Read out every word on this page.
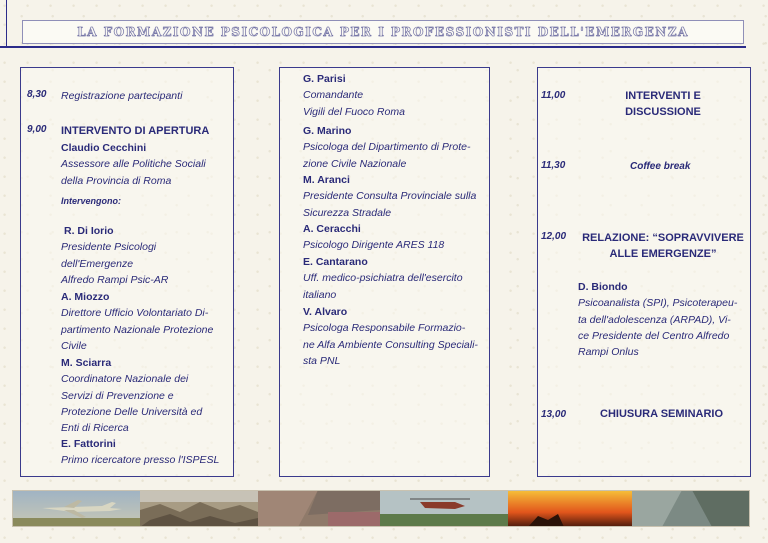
LA FORMAZIONE PSICOLOGICA PER I PROFESSIONISTI DELL'EMERGENZA
8,30 Registrazione partecipanti
9,00 INTERVENTO DI APERTURA
Claudio Cecchini
Assessore alle Politiche Sociali
della Provincia di Roma
Intervengono:
R. Di Iorio
Presidente Psicologi
dell'Emergenze
Alfredo Rampi Psic-AR
A. Miozzo
Direttore Ufficio Volontariato Di-
partimento Nazionale Protezione
Civile
M. Sciarra
Coordinatore Nazionale dei
Servizi di Prevenzione e
Protezione Delle Università ed
Enti di Ricerca
E. Fattorini
Primo ricercatore presso l'ISPESL
G. Parisi
Comandante
Vigili del Fuoco Roma
G. Marino
Psicologa del Dipartimento di Prote-
zione Civile Nazionale
M. Aranci
Presidente Consulta Provinciale sulla
Sicurezza Stradale
A. Ceracchi
Psicologo Dirigente ARES 118
E. Cantarano
Uff. medico-psichiatra dell'esercito
italiano
V. Alvaro
Psicologa Responsabile Formazio-
ne Alfa Ambiente Consulting Speciali-
sta PNL
11,00	INTERVENTI E
DISCUSSIONE
11,30	Coffee break
12,00	RELAZIONE: “SOPRAVVIVERE
ALLE EMERGENZE”
D. Biondo
Psicoanalista (SPI), Psicoterapeu-
ta dell'adolescenza (ARPAD), Vi-
ce Presidente del Centro Alfredo
Rampi Onlus
13,00	CHIUSURA SEMINARIO
